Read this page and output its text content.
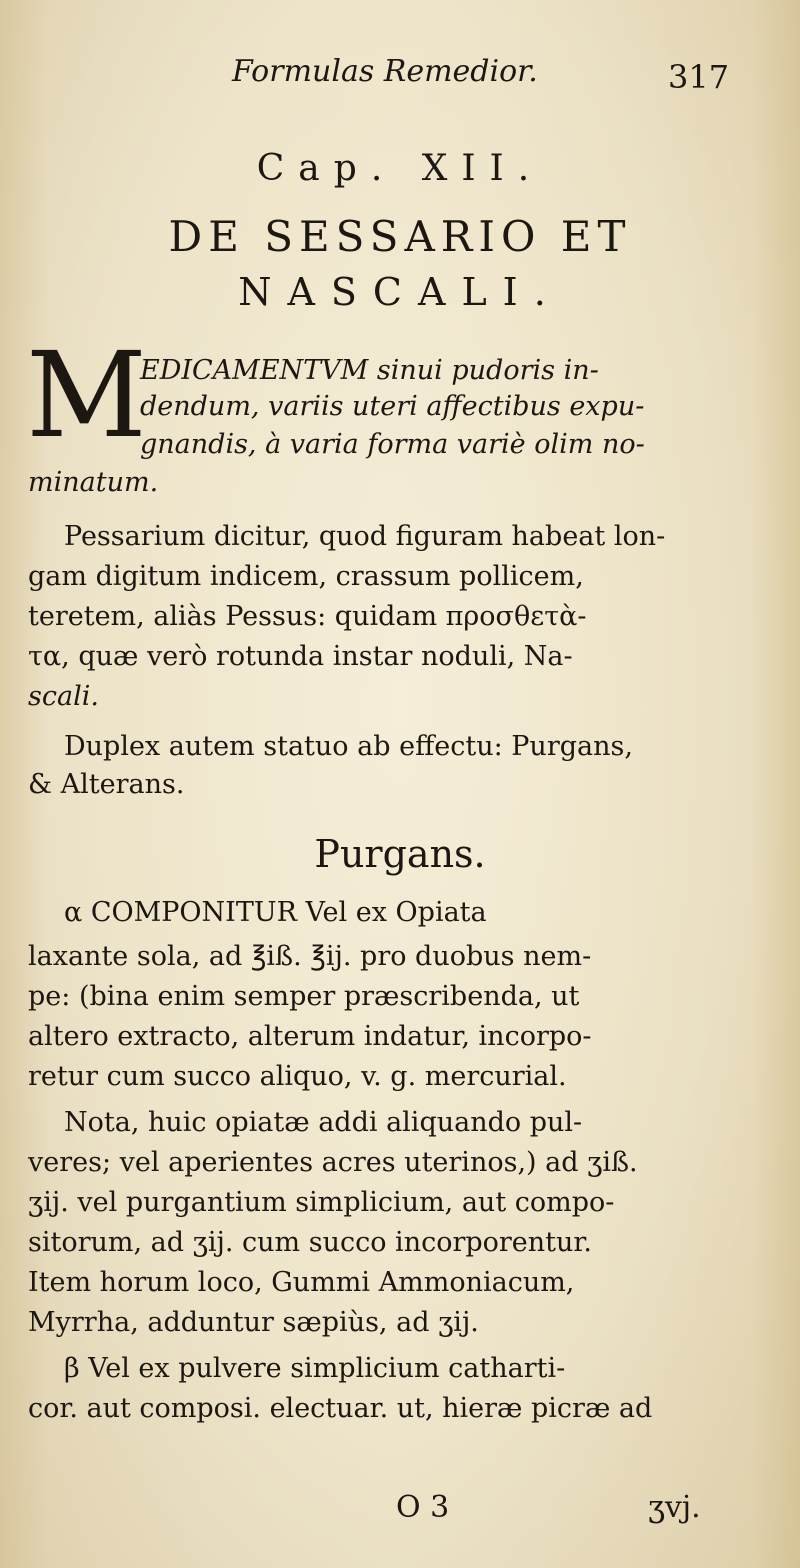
Formulas Remedior.	317
Cap. XII.
DE SESSARIO ET
NASCALI.
M
EDICAMENTVM sinui pudoris in-
dendum, variis uteri affectibus expu-
gnandis, à varia forma variè olim no-
minatum.
Pessarium dicitur, quod figuram habeat lon-
gam digitum indicem, crassum pollicem,
teretem, aliàs Pessus: quidam προσθετὰ-
τα, quæ verò rotunda instar noduli, Na-
scali.
Duplex autem statuo ab effectu: Purgans,
& Alterans.
Purgans.
α COMPONITUR Vel ex Opiata
laxante sola, ad ℥iß. ℥ij. pro duobus nem-
pe: (bina enim semper præscribenda, ut
altero extracto, alterum indatur, incorpo-
retur cum succo aliquo, v. g. mercurial.
Nota, huic opiatæ addi aliquando pul-
veres; vel aperientes acres uterinos,) ad ʒiß.
ʒij. vel purgantium simplicium, aut compo-
sitorum, ad ʒij. cum succo incorporentur.
Item horum loco, Gummi Ammoniacum,
Myrrha, adduntur sæpiùs, ad ʒij.
β Vel ex pulvere simplicium catharti-
cor. aut composi. electuar. ut, hieræ picræ ad
O 3	ʒvj.
